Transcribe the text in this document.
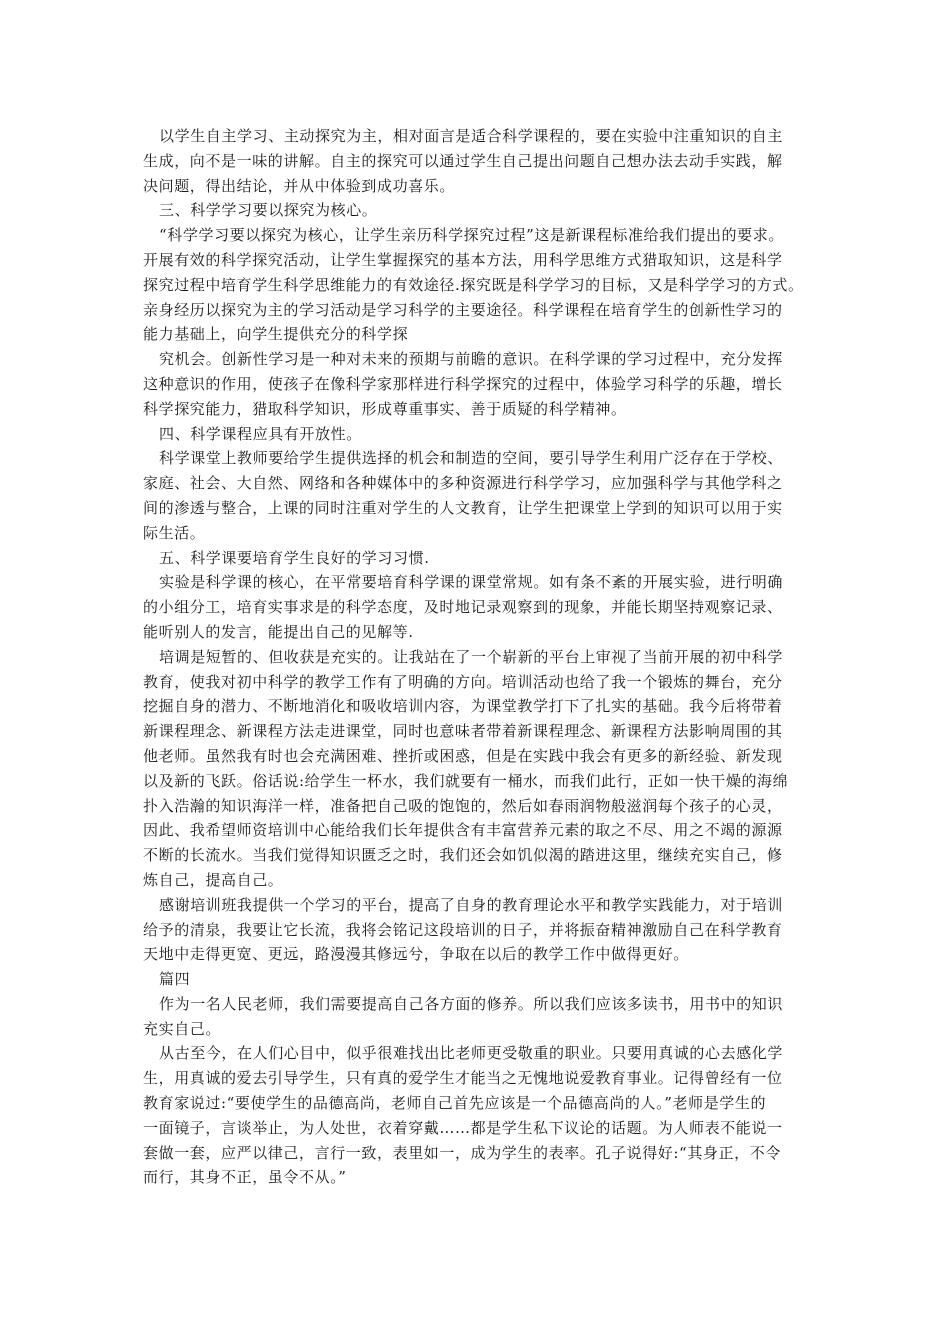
以学生自主学习、主动探究为主，相对面言是适合科学课程的，要在实验中注重知识的自主
生成，向不是一味的讲解。自主的探究可以通过学生自己提出问题自己想办法去动手实践，解
决问题，得出结论，并从中体验到成功喜乐。
三、科学学习要以探究为核心。
“科学学习要以探究为核心，让学生亲历科学探究过程”这是新课程标准给我们提出的要求。
开展有效的科学探究活动，让学生掌握探究的基本方法，用科学思维方式猎取知识，这是科学
探究过程中培育学生科学思维能力的有效途径.探究既是科学学习的目标，又是科学学习的方式。
亲身经历以探究为主的学习活动是学习科学的主要途径。科学课程在培育学生的创新性学习的
能力基础上，向学生提供充分的科学探
究机会。创新性学习是一种对未来的预期与前瞻的意识。在科学课的学习过程中，充分发挥
这种意识的作用，使孩子在像科学家那样进行科学探究的过程中，体验学习科学的乐趣，增长
科学探究能力，猎取科学知识，形成尊重事实、善于质疑的科学精神。
四、科学课程应具有开放性。
科学课堂上教师要给学生提供选择的机会和制造的空间，要引导学生利用广泛存在于学校、
家庭、社会、大自然、网络和各种媒体中的多种资源进行科学学习，应加强科学与其他学科之
间的渗透与整合，上课的同时注重对学生的人文教育，让学生把课堂上学到的知识可以用于实
际生活。
五、科学课要培育学生良好的学习习惯.
实验是科学课的核心，在平常要培育科学课的课堂常规。如有条不紊的开展实验，进行明确
的小组分工，培育实事求是的科学态度，及时地记录观察到的现象，并能长期坚持观察记录、
能听别人的发言，能提出自己的见解等.
培调是短暂的、但收获是充实的。让我站在了一个崭新的平台上审视了当前开展的初中科学
教育，使我对初中科学的教学工作有了明确的方向。培训活动也给了我一个锻炼的舞台，充分
挖掘自身的潜力、不断地消化和吸收培训内容，为课堂教学打下了扎实的基础。我今后将带着
新课程理念、新课程方法走进课堂，同时也意味者带着新课程理念、新课程方法影响周围的其
他老师。虽然我有时也会充满困难、挫折或困惑，但是在实践中我会有更多的新经验、新发现
以及新的飞跃。俗话说:给学生一杯水，我们就要有一桶水，而我们此行，正如一快干燥的海绵
扑入浩瀚的知识海洋一样，准备把自己吸的饱饱的，然后如春雨润物般滋润每个孩子的心灵，
因此、我希望师资培训中心能给我们长年提供含有丰富营养元素的取之不尽、用之不竭的源源
不断的长流水。当我们觉得知识匮乏之时，我们还会如饥似渴的踏进这里，继续充实自己，修
炼自己，提高自己。
感谢培训班我提供一个学习的平台，提高了自身的教育理论水平和教学实践能力，对于培训
给予的清泉，我要让它长流，我将会铭记这段培训的日子，并将振奋精神激励自己在科学教育
天地中走得更宽、更远，路漫漫其修远兮，争取在以后的教学工作中做得更好。
篇四
作为一名人民老师，我们需要提高自己各方面的修养。所以我们应该多读书，用书中的知识
充实自己。
从古至今，在人们心目中，似乎很难找出比老师更受敬重的职业。只要用真诚的心去感化学
生，用真诚的爱去引导学生，只有真的爱学生才能当之无愧地说爱教育事业。记得曾经有一位
教育家说过:“要使学生的品德高尚，老师自己首先应该是一个品德高尚的人。”老师是学生的
一面镜子，言谈举止，为人处世，衣着穿戴……都是学生私下议论的话题。为人师表不能说一
套做一套，应严以律己，言行一致，表里如一，成为学生的表率。孔子说得好:“其身正，不令
而行，其身不正，虽令不从。”
